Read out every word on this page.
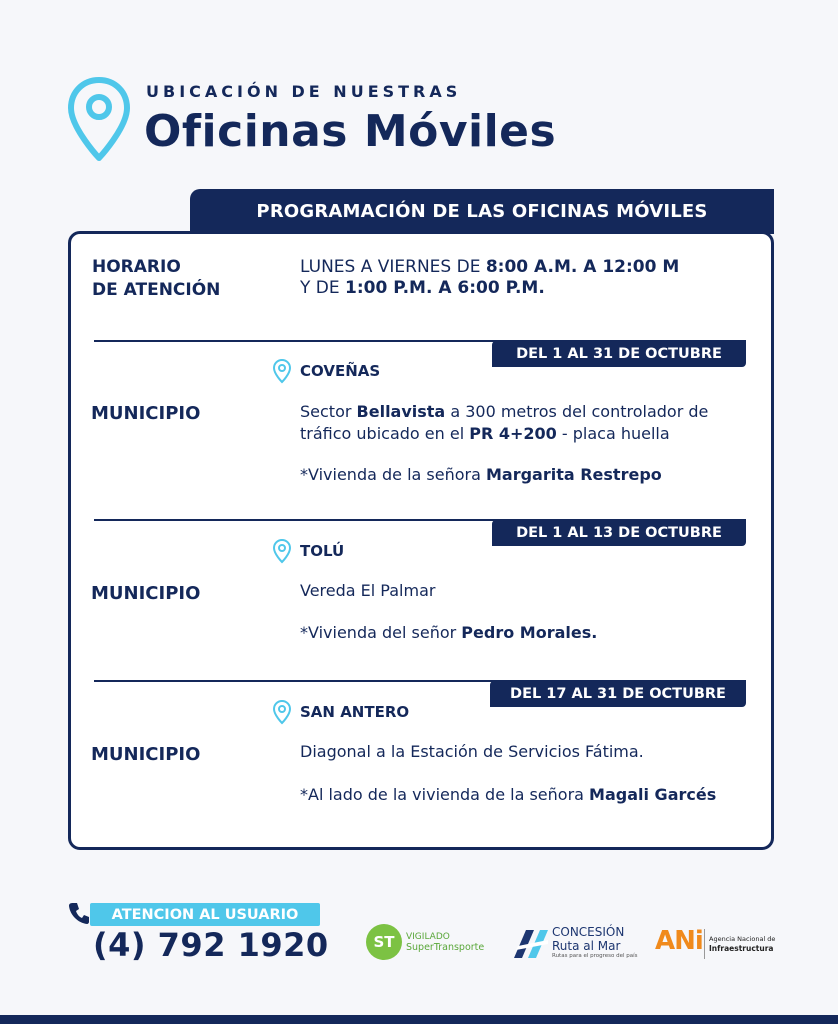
UBICACIÓN DE NUESTRAS
Oficinas Móviles
PROGRAMACIÓN DE LAS OFICINAS MÓVILES
HORARIO
DE ATENCIÓN
LUNES A VIERNES DE 8:00 A.M. A 12:00 M
Y DE 1:00 P.M. A 6:00 P.M.
DEL 1 AL 31 DE OCTUBRE
COVEÑAS
MUNICIPIO	Sector Bellavista a 300 metros del controlador de tráfico ubicado en el PR 4+200 - placa huella
*Vivienda de la señora Margarita Restrepo
DEL 1 AL 13 DE OCTUBRE
TOLÚ
MUNICIPIO	Vereda El Palmar
*Vivienda del señor Pedro Morales.
DEL 17 AL 31 DE OCTUBRE
SAN ANTERO
MUNICIPIO	Diagonal a la Estación de Servicios Fátima.
*Al lado de la vivienda de la señora Magali Garcés
ATENCION AL USUARIO
(4) 792 1920	ST	VIGILADO
SuperTransporte
CONCESIÓN
Ruta al Mar
Rutas para el progreso del país ANi Agencia Nacional de
Infraestructura
